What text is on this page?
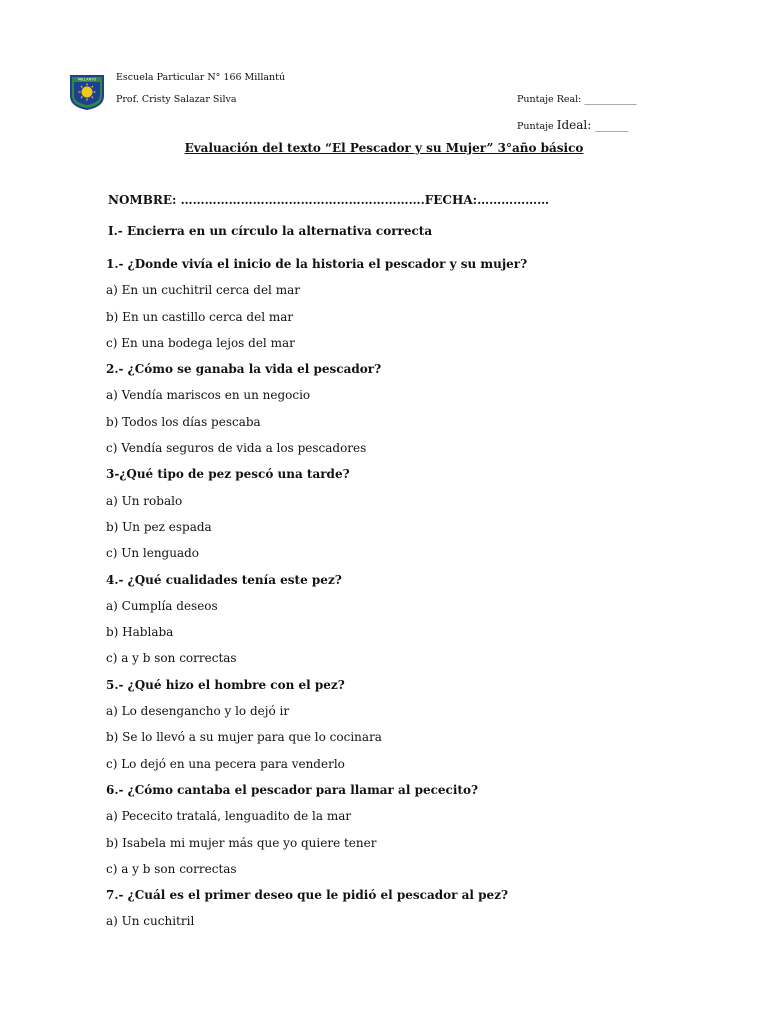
MILLANTÚ Escuela Particular N° 166 Millantú
Prof. Cristy Salazar Silva	Puntaje Real: ___________
Puntaje Ideal: _______
Evaluación del texto “El Pescador y su Mujer” 3°año básico
NOMBRE: …………………………………………………….FECHA:………………
I.- Encierra en un círculo la alternativa correcta
1.- ¿Donde vivía el inicio de la historia el pescador y su mujer?
a) En un cuchitril cerca del mar
b) En un castillo cerca del mar
c) En una bodega lejos del mar
2.- ¿Cómo se ganaba la vida el pescador?
a) Vendía mariscos en un negocio
b) Todos los días pescaba
c) Vendía seguros de vida a los pescadores
3-¿Qué tipo de pez pescó una tarde?
a) Un robalo
b) Un pez espada
c) Un lenguado
4.- ¿Qué cualidades tenía este pez?
a) Cumplía deseos
b) Hablaba
c) a y b son correctas
5.- ¿Qué hizo el hombre con el pez?
a) Lo desengancho y lo dejó ir
b) Se lo llevó a su mujer para que lo cocinara
c) Lo dejó en una pecera para venderlo
6.- ¿Cómo cantaba el pescador para llamar al pececito?
a) Pececito tratalá, lenguadito de la mar
b) Isabela mi mujer más que yo quiere tener
c) a y b son correctas
7.- ¿Cuál es el primer deseo que le pidió el pescador al pez?
a) Un cuchitril
